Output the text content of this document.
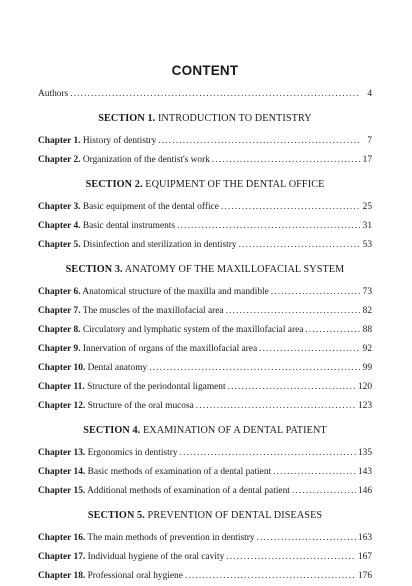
CONTENT
Authors . . .	4
SECTION 1. INTRODUCTION TO DENTISTRY
Chapter 1. History of dentistry . . .	7
Chapter 2. Organization of the dentist's work . . .	17
SECTION 2. EQUIPMENT OF THE DENTAL OFFICE
Chapter 3. Basic equipment of the dental office . . .	25
Chapter 4. Basic dental instruments . . .	31
Chapter 5. Disinfection and sterilization in dentistry . . .	53
SECTION 3. ANATOMY OF THE MAXILLOFACIAL SYSTEM
Chapter 6. Anatomical structure of the maxilla and mandible . . .	73
Chapter 7. The muscles of the maxillofacial area . . .	82
Chapter 8. Circulatory and lymphatic system of the maxillofacial area . . .	88
Chapter 9. Innervation of organs of the maxillofacial area . . .	92
Chapter 10. Dental anatomy . . .	99
Chapter 11. Structure of the periodontal ligament . . .	120
Chapter 12. Structure of the oral mucosa . . .	123
SECTION 4. EXAMINATION OF A DENTAL PATIENT
Chapter 13. Ergonomics in dentistry . . .	135
Chapter 14. Basic methods of examination of a dental patient . . .	143
Chapter 15. Additional methods of examination of a dental patient . . .	146
SECTION 5. PREVENTION OF DENTAL DISEASES
Chapter 16. The main methods of prevention in dentistry . . .	163
Chapter 17. Individual hygiene of the oral cavity . . .	167
Chapter 18. Professional oral hygiene . . .	176
